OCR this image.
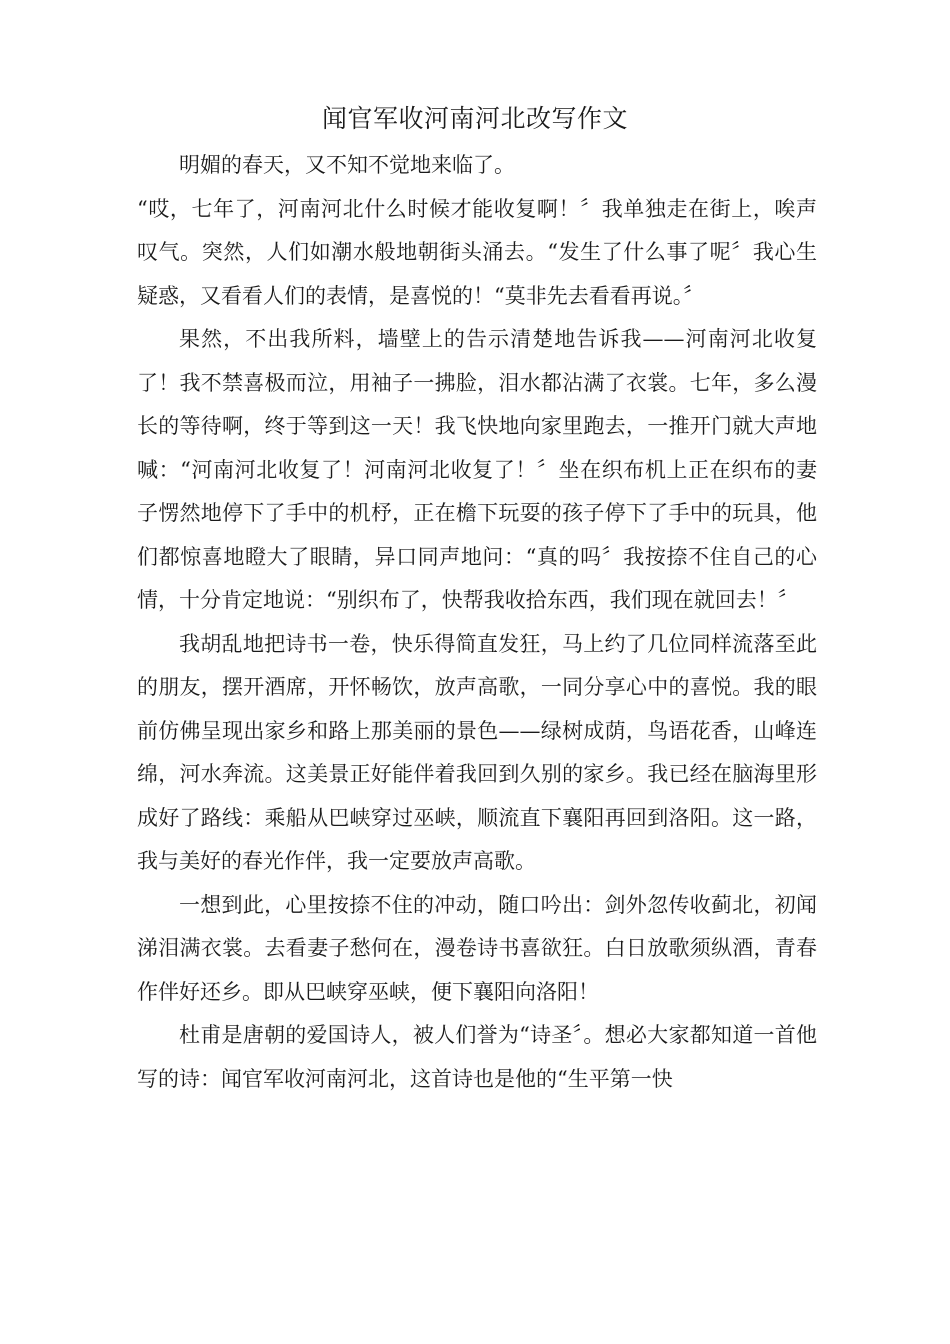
闻官军收河南河北改写作文

明媚的春天，又不知不觉地来临了。

“哎，七年了，河南河北什么时候才能收复啊！〞我单独走在街上，唉声叹气。突然，人们如潮水般地朝街头涌去。“发生了什么事了呢〞我心生疑惑，又看看人们的表情，是喜悦的！“莫非先去看看再说。〞

果然，不出我所料，墙壁上的告示清楚地告诉我——河南河北收复了！我不禁喜极而泣，用袖子一拂脸，泪水都沾满了衣裳。七年，多么漫长的等待啊，终于等到这一天！我飞快地向家里跑去，一推开门就大声地喊：“河南河北收复了！河南河北收复了！〞坐在织布机上正在织布的妻子愣然地停下了手中的机杼，正在檐下玩耍的孩子停下了手中的玩具，他们都惊喜地瞪大了眼睛，异口同声地问：“真的吗〞我按捺不住自己的心情，十分肯定地说：“别织布了，快帮我收拾东西，我们现在就回去！〞

我胡乱地把诗书一卷，快乐得简直发狂，马上约了几位同样流落至此的朋友，摆开酒席，开怀畅饮，放声高歌，一同分享心中的喜悦。我的眼前仿佛呈现出家乡和路上那美丽的景色——绿树成荫，鸟语花香，山峰连绵，河水奔流。这美景正好能伴着我回到久别的家乡。我已经在脑海里形成好了路线：乘船从巴峡穿过巫峡，顺流直下襄阳再回到洛阳。这一路，我与美好的春光作伴，我一定要放声高歌。

一想到此，心里按捺不住的冲动，随口吟出：剑外忽传收蓟北，初闻涕泪满衣裳。去看妻子愁何在，漫卷诗书喜欲狂。白日放歌须纵酒，青春作伴好还乡。即从巴峡穿巫峡，便下襄阳向洛阳！

杜甫是唐朝的爱国诗人，被人们誉为“诗圣〞。想必大家都知道一首他写的诗：闻官军收河南河北，这首诗也是他的“生平第一快
